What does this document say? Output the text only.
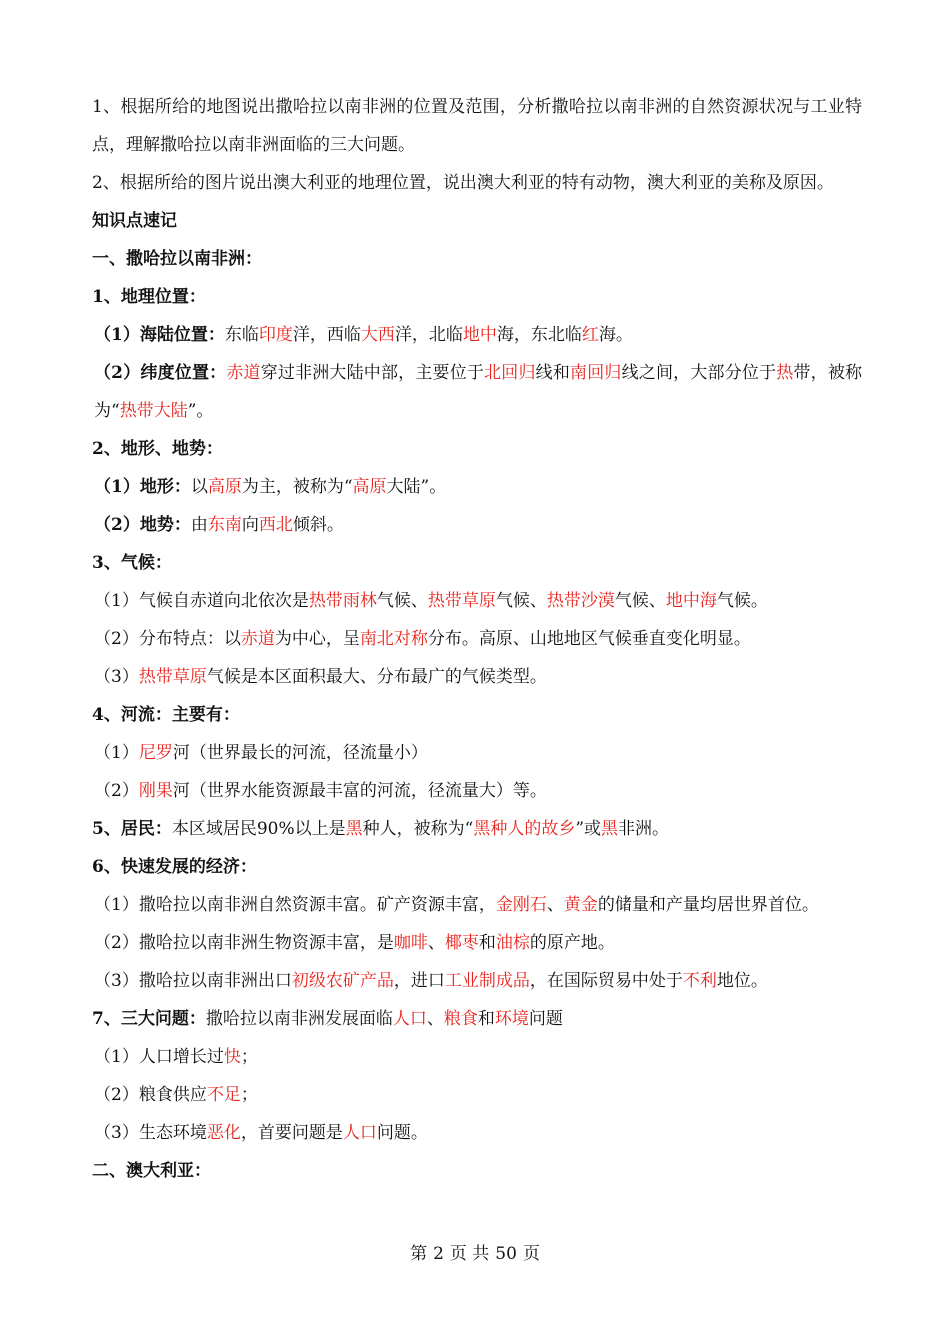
1、根据所给的地图说出撒哈拉以南非洲的位置及范围，分析撒哈拉以南非洲的自然资源状况与工业特点，理解撒哈拉以南非洲面临的三大问题。

2、根据所给的图片说出澳大利亚的地理位置，说出澳大利亚的特有动物，澳大利亚的美称及原因。

知识点速记

一、撒哈拉以南非洲：

1、地理位置：

（1）海陆位置：东临印度洋，西临大西洋，北临地中海，东北临红海。

（2）纬度位置：赤道穿过非洲大陆中部，主要位于北回归线和南回归线之间，大部分位于热带，被称为“热带大陆”。

2、地形、地势：

（1）地形：以高原为主，被称为“高原大陆”。

（2）地势：由东南向西北倾斜。

3、气候：

（1）气候自赤道向北依次是热带雨林气候、热带草原气候、热带沙漠气候、地中海气候。

（2）分布特点：以赤道为中心，呈南北对称分布。高原、山地地区气候垂直变化明显。

（3）热带草原气候是本区面积最大、分布最广的气候类型。

4、河流：主要有：

（1）尼罗河（世界最长的河流，径流量小）

（2）刚果河（世界水能资源最丰富的河流，径流量大）等。

5、居民：本区域居民90%以上是黑种人，被称为“黑种人的故乡”或黑非洲。

6、快速发展的经济：

（1）撒哈拉以南非洲自然资源丰富。矿产资源丰富，金刚石、黄金的储量和产量均居世界首位。

（2）撒哈拉以南非洲生物资源丰富，是咖啡、椰枣和油棕的原产地。

（3）撒哈拉以南非洲出口初级农矿产品，进口工业制成品，在国际贸易中处于不利地位。

7、三大问题：撒哈拉以南非洲发展面临人口、粮食和环境问题

（1）人口增长过快；

（2）粮食供应不足；

（3）生态环境恶化，首要问题是人口问题。

二、澳大利亚：

第 2 页 共 50 页
